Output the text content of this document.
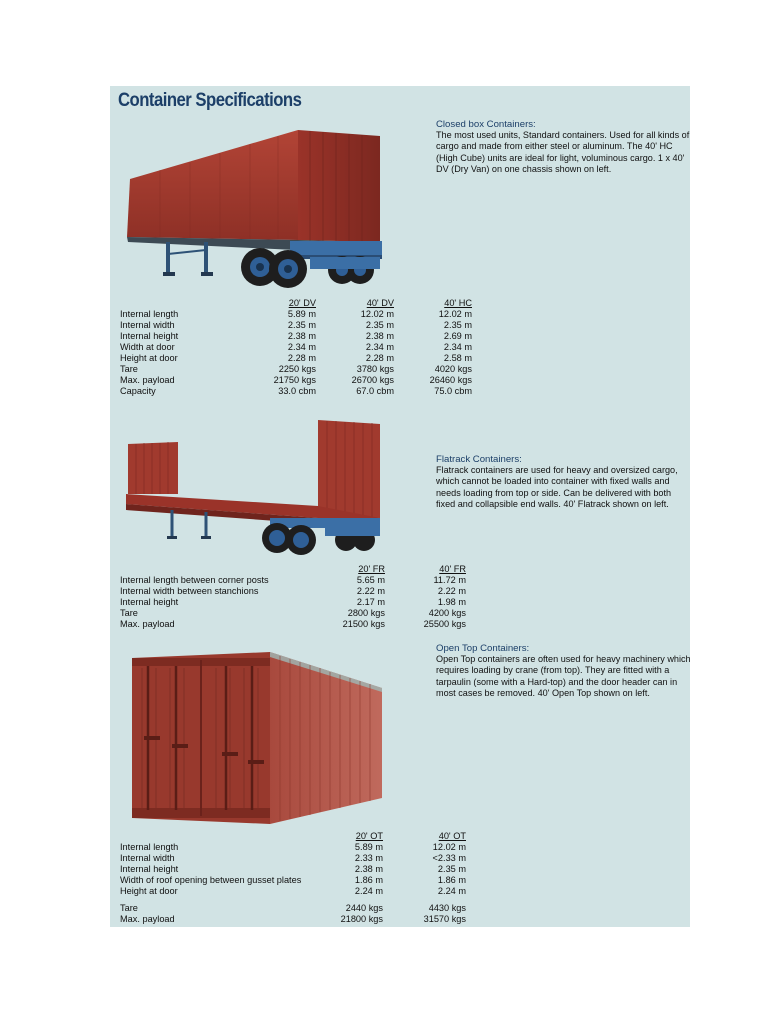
Container Specifications
Closed box Containers:
The most used units, Standard containers. Used for all kinds of cargo and made from either steel or aluminum. The 40' HC (High Cube) units are ideal for light, voluminous cargo. 1 x 40' DV (Dry Van) on one chassis shown on left.
20' DV	40' DV	40' HC
Internal length	5.89 m	12.02 m	12.02 m
Internal width	2.35 m	2.35 m	2.35 m
Internal height	2.38 m	2.38 m	2.69 m
Width at door	2.34 m	2.34 m	2.34 m
Height at door	2.28 m	2.28 m	2.58 m
Tare	2250 kgs	3780 kgs	4020 kgs
Max. payload	21750 kgs	26700 kgs	26460 kgs
Capacity	33.0 cbm	67.0 cbm	75.0 cbm
Flatrack Containers:
Flatrack containers are used for heavy and oversized cargo, which cannot be loaded into container with fixed walls and needs loading from top or side. Can be delivered with both fixed and collapsible end walls. 40' Flatrack shown on left.
20' FR	40' FR
Internal length between corner posts	5.65 m	11.72 m
Internal width between stanchions	2.22 m	2.22 m
Internal height	2.17 m	1.98 m
Tare	2800 kgs	4200 kgs
Max. payload	21500 kgs	25500 kgs
Open Top Containers:
Open Top containers are often used for heavy machinery which requires loading by crane (from top). They are fitted with a tarpaulin (some with a Hard-top) and the door header can in most cases be removed. 40' Open Top shown on left.
20' OT	40' OT
Internal length	5.89 m	12.02 m
Internal width	2.33 m	<2.33 m
Internal height	2.38 m	2.35 m
Width of roof opening between gusset plates	1.86 m	1.86 m
Height at door	2.24 m	2.24 m
Tare	2440 kgs	4430 kgs
Max. payload	21800 kgs	31570 kgs
